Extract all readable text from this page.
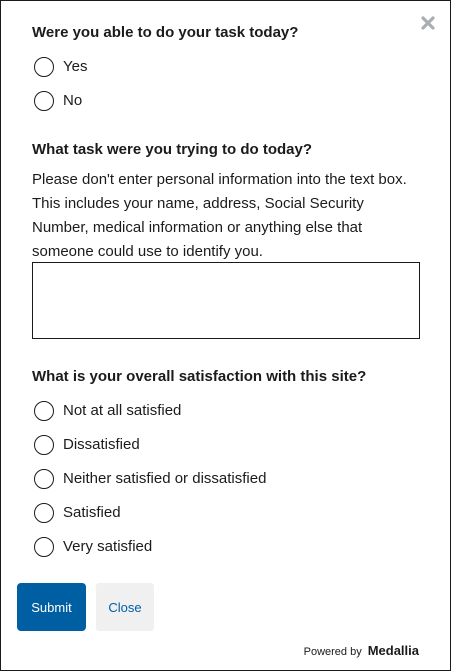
Were you able to do your task today?
Yes
No
What task were you trying to do today?
Please don't enter personal information into the text box. This includes your name, address, Social Security Number, medical information or anything else that someone could use to identify you.
What is your overall satisfaction with this site?
Not at all satisfied
Dissatisfied
Neither satisfied or dissatisfied
Satisfied
Very satisfied
Submit	Close
Powered by Medallia
